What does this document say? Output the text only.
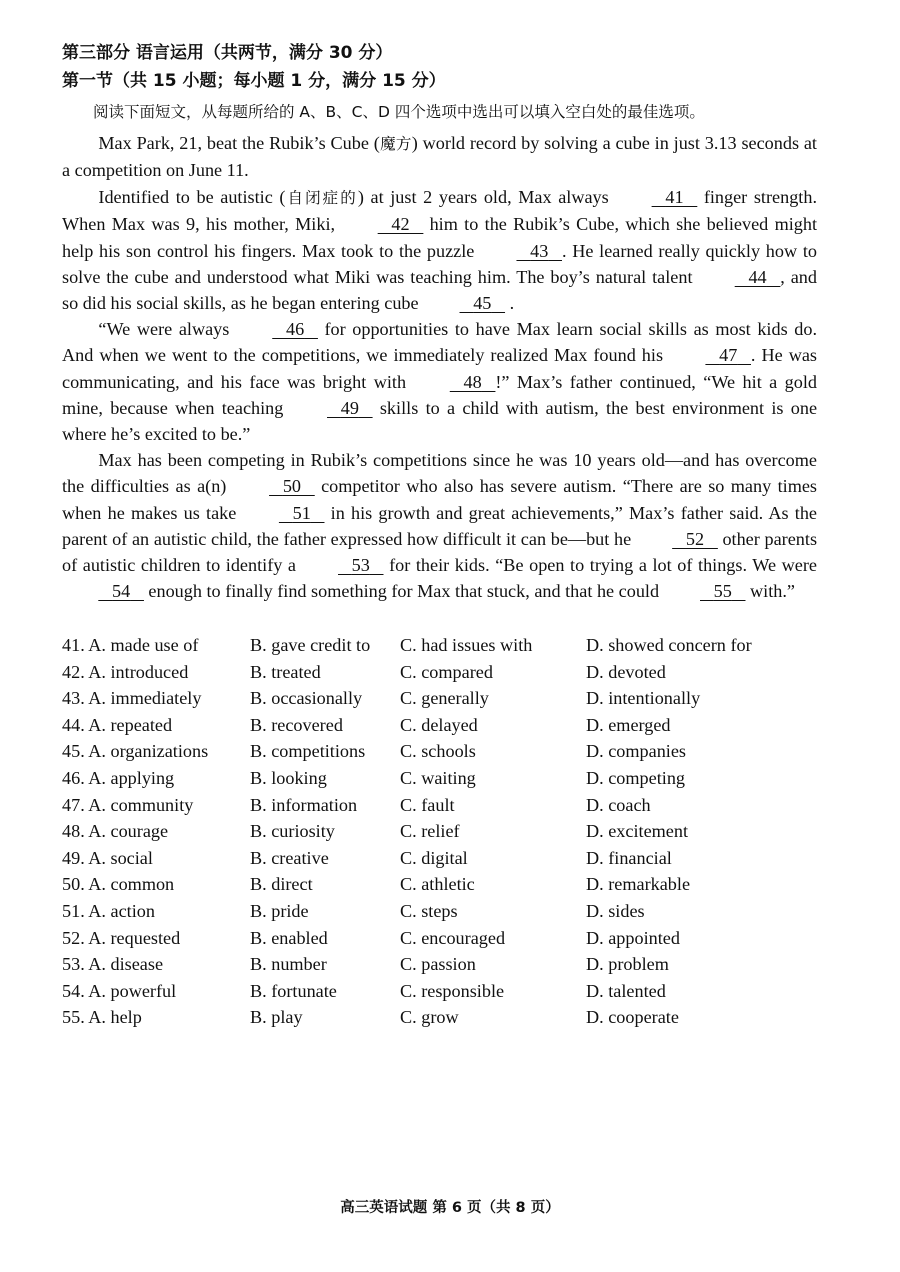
第三部分 语言运用（共两节，满分 30 分）
第一节（共 15 小题；每小题 1 分，满分 15 分）

阅读下面短文，从每题所给的 A、B、C、D 四个选项中选出可以填入空白处的最佳选项。

Max Park, 21, beat the Rubik’s Cube (魔方) world record by solving a cube in just 3.13 seconds at a competition on June 11.

Identified to be autistic (自闭症的) at just 2 years old, Max always	41 finger strength. When Max was 9, his mother, Miki,	42 him to the Rubik’s Cube, which she believed might help his son control his fingers. Max took to the puzzle	43 . He learned really quickly how to solve the cube and understood what Miki was teaching him. The boy’s natural talent	44 , and so did his social skills, as he began entering cube	45 .

“We were always	46 for opportunities to have Max learn social skills as most kids do. And when we went to the competitions, we immediately realized Max found his	47 . He was communicating, and his face was bright with	48 !” Max’s father continued, “We hit a gold mine, because when teaching	49 skills to a child with autism, the best environment is one where he’s excited to be.”

Max has been competing in Rubik’s competitions since he was 10 years old—and has overcome the difficulties as a(n)	50 competitor who also has severe autism. “There are so many times when he makes us take	51 in his growth and great achievements,” Max’s father said. As the parent of an autistic child, the father expressed how difficult it can be—but he	52 other parents of autistic children to identify a	53 for their kids. “Be open to trying a lot of things. We were 54 enough to finally find something for Max that stuck, and that he could	55 with.”

41. A. made use of	B. gave credit to C. had issues with	D. showed concern for
42. A. introduced	B. treated	C. compared	D. devoted
43. A. immediately	B. occasionally C. generally	D. intentionally
44. A. repeated	B. recovered	C. delayed	D. emerged
45. A. organizations B. competitions C. schools	D. companies
46. A. applying	B. looking	C. waiting	D. competing
47. A. community	B. information C. fault	D. coach
48. A. courage	B. curiosity	C. relief	D. excitement
49. A. social	B. creative	C. digital	D. financial
50. A. common	B. direct	C. athletic	D. remarkable
51. A. action	B. pride	C. steps	D. sides
52. A. requested	B. enabled	C. encouraged	D. appointed
53. A. disease	B. number	C. passion	D. problem
54. A. powerful	B. fortunate	C. responsible	D. talented
55. A. help	B. play	C. grow	D. cooperate
高三英语试题 第 6 页（共 8 页）
